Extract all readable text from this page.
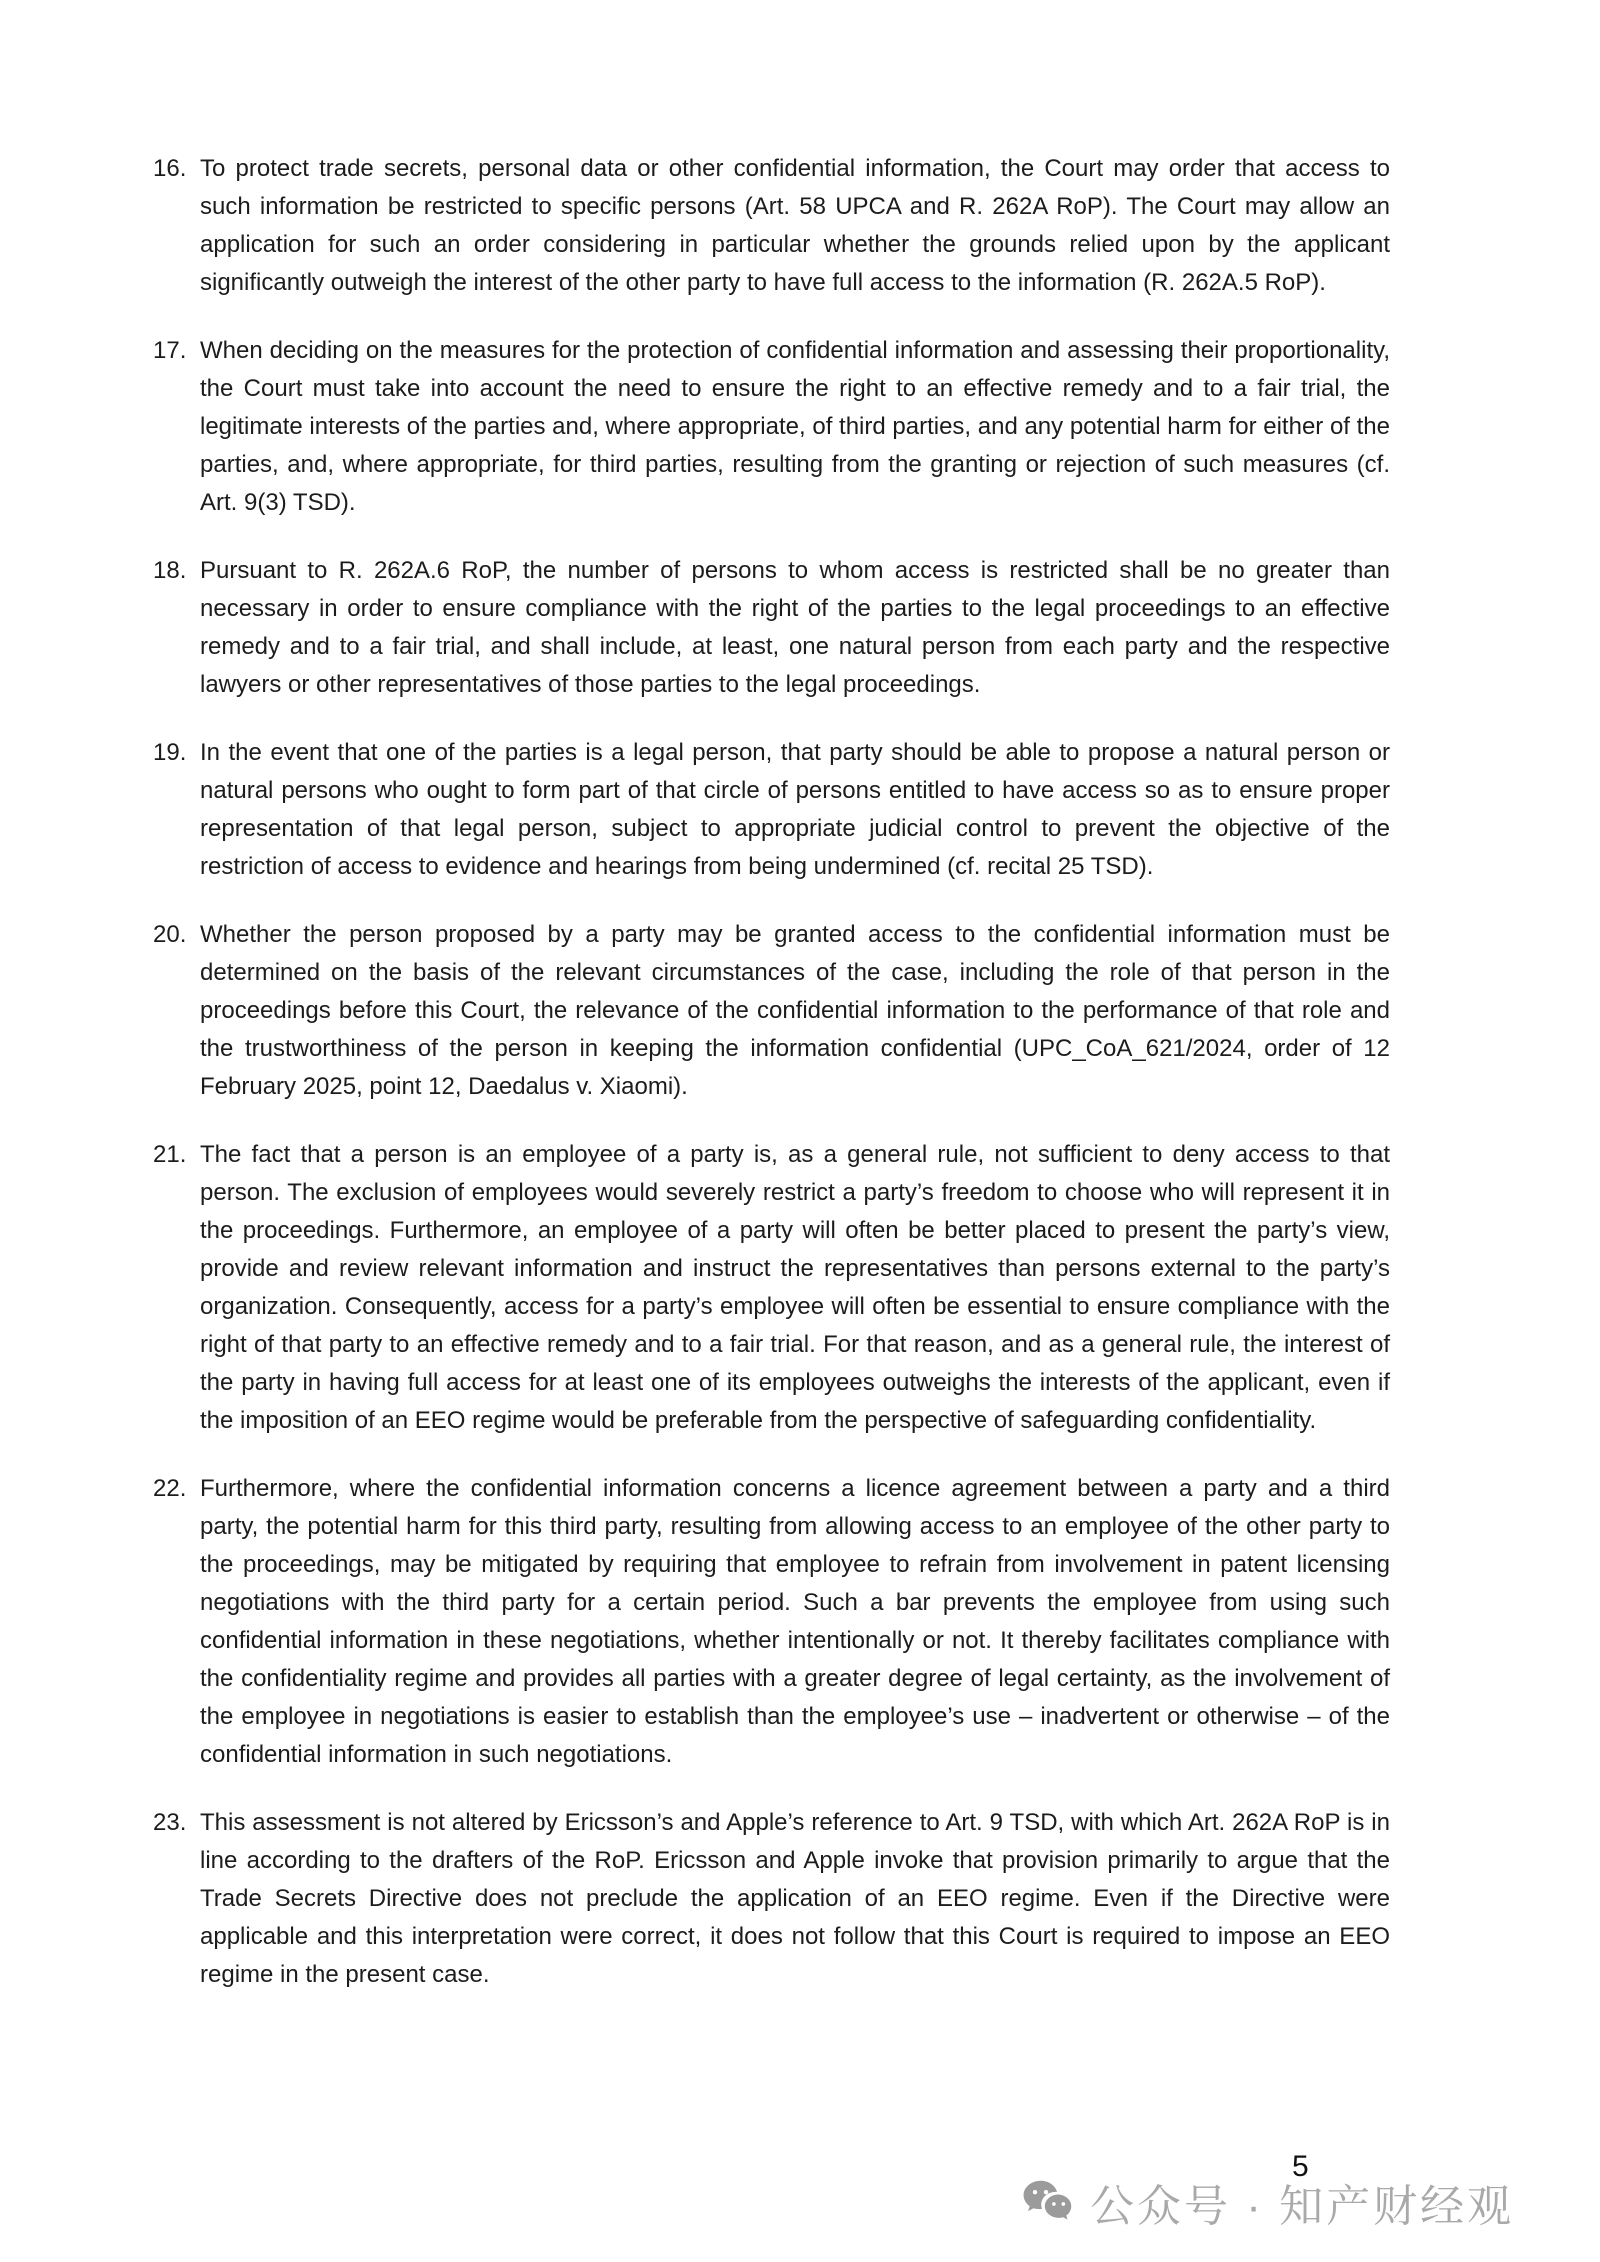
16. To protect trade secrets, personal data or other confidential information, the Court may order that access to such information be restricted to specific persons (Art. 58 UPCA and R. 262A RoP). The Court may allow an application for such an order considering in particular whether the grounds relied upon by the applicant significantly outweigh the interest of the other party to have full access to the information (R. 262A.5 RoP).
17. When deciding on the measures for the protection of confidential information and assessing their proportionality, the Court must take into account the need to ensure the right to an effective remedy and to a fair trial, the legitimate interests of the parties and, where appropriate, of third parties, and any potential harm for either of the parties, and, where appropriate, for third parties, resulting from the granting or rejection of such measures (cf. Art. 9(3) TSD).
18. Pursuant to R. 262A.6 RoP, the number of persons to whom access is restricted shall be no greater than necessary in order to ensure compliance with the right of the parties to the legal proceedings to an effective remedy and to a fair trial, and shall include, at least, one natural person from each party and the respective lawyers or other representatives of those parties to the legal proceedings.
19. In the event that one of the parties is a legal person, that party should be able to propose a natural person or natural persons who ought to form part of that circle of persons entitled to have access so as to ensure proper representation of that legal person, subject to appropriate judicial control to prevent the objective of the restriction of access to evidence and hearings from being undermined (cf. recital 25 TSD).
20. Whether the person proposed by a party may be granted access to the confidential information must be determined on the basis of the relevant circumstances of the case, including the role of that person in the proceedings before this Court, the relevance of the confidential information to the performance of that role and the trustworthiness of the person in keeping the information confidential (UPC_CoA_621/2024, order of 12 February 2025, point 12, Daedalus v. Xiaomi).
21. The fact that a person is an employee of a party is, as a general rule, not sufficient to deny access to that person. The exclusion of employees would severely restrict a party’s freedom to choose who will represent it in the proceedings. Furthermore, an employee of a party will often be better placed to present the party’s view, provide and review relevant information and instruct the representatives than persons external to the party’s organization. Consequently, access for a party’s employee will often be essential to ensure compliance with the right of that party to an effective remedy and to a fair trial. For that reason, and as a general rule, the interest of the party in having full access for at least one of its employees outweighs the interests of the applicant, even if the imposition of an EEO regime would be preferable from the perspective of safeguarding confidentiality.
22. Furthermore, where the confidential information concerns a licence agreement between a party and a third party, the potential harm for this third party, resulting from allowing access to an employee of the other party to the proceedings, may be mitigated by requiring that employee to refrain from involvement in patent licensing negotiations with the third party for a certain period. Such a bar prevents the employee from using such confidential information in these negotiations, whether intentionally or not. It thereby facilitates compliance with the confidentiality regime and provides all parties with a greater degree of legal certainty, as the involvement of the employee in negotiations is easier to establish than the employee’s use – inadvertent or otherwise – of the confidential information in such negotiations.
23. This assessment is not altered by Ericsson’s and Apple’s reference to Art. 9 TSD, with which Art. 262A RoP is in line according to the drafters of the RoP. Ericsson and Apple invoke that provision primarily to argue that the Trade Secrets Directive does not preclude the application of an EEO regime. Even if the Directive were applicable and this interpretation were correct, it does not follow that this Court is required to impose an EEO regime in the present case.
5
公众号 · 知产财经观
